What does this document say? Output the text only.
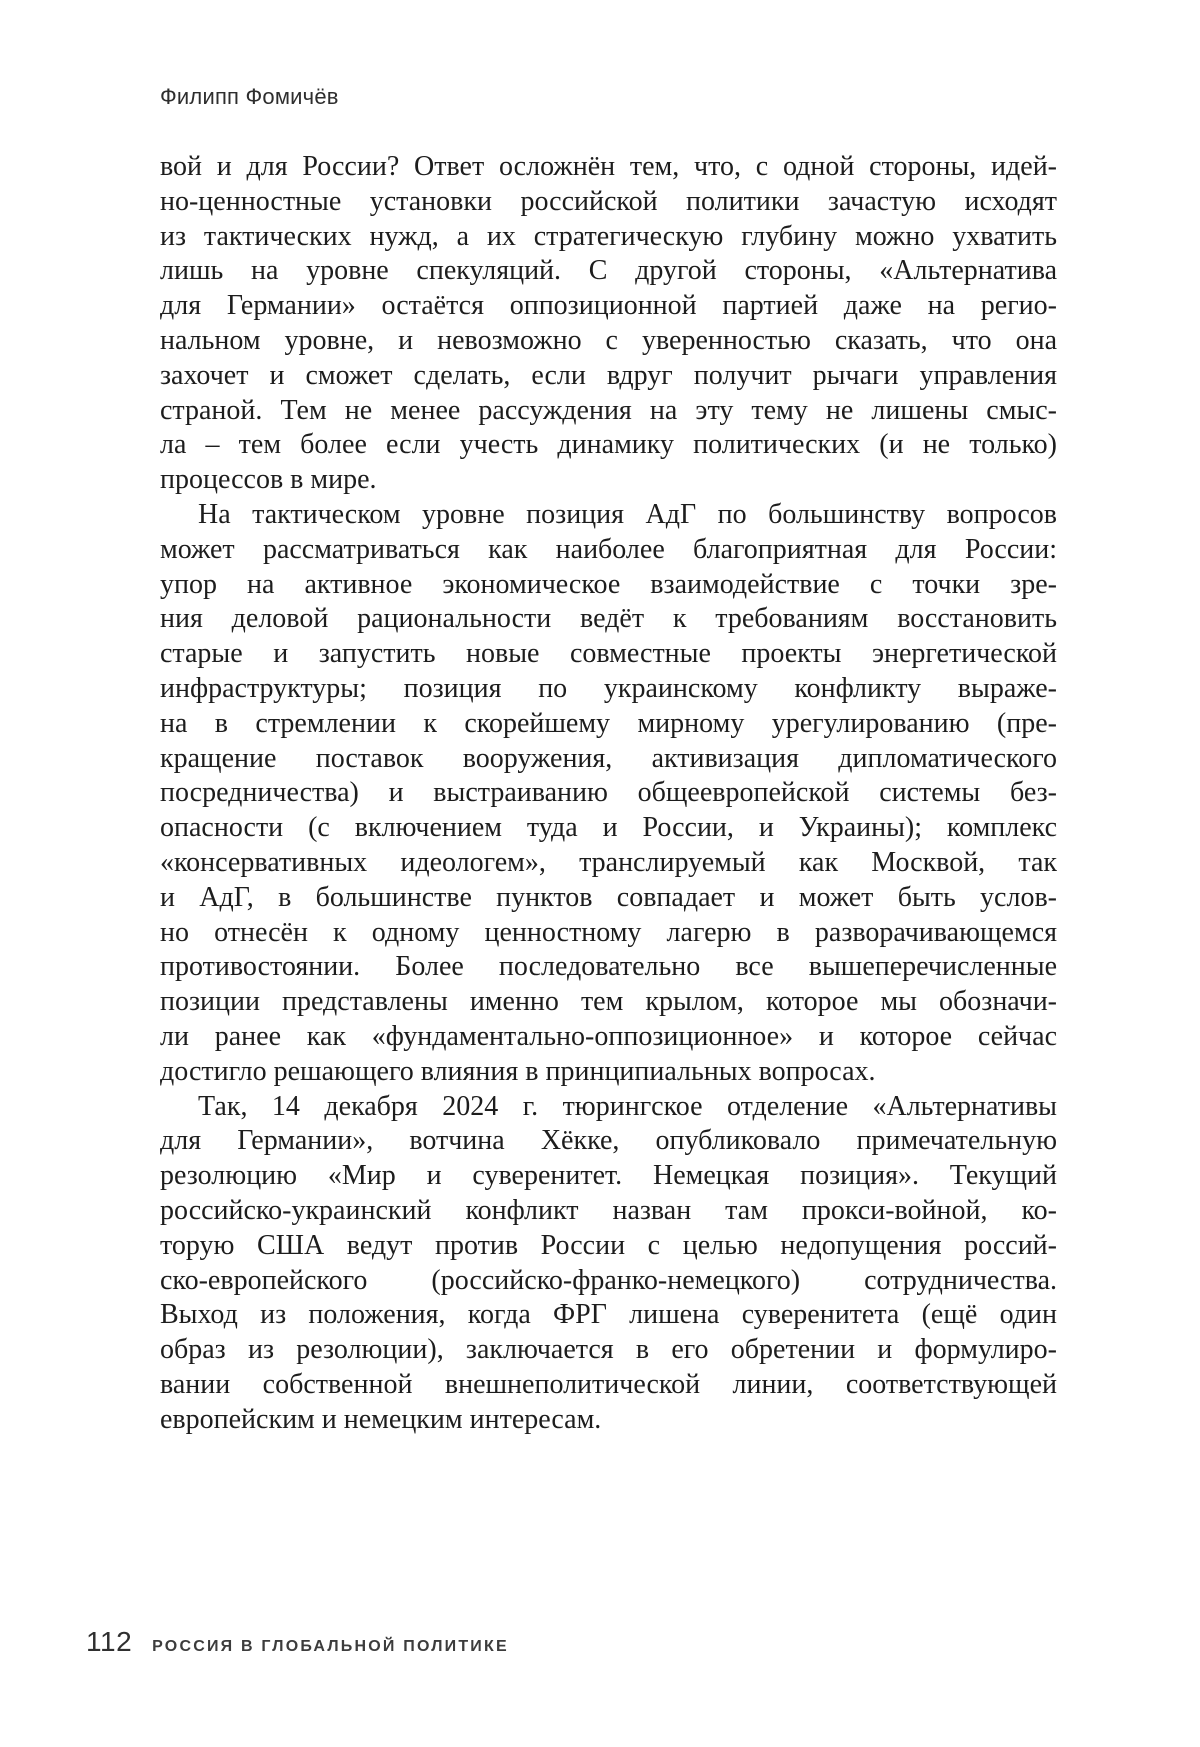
Филипп Фомичёв
вой и для России? Ответ осложнён тем, что, с одной стороны, идей-
но-ценностные установки российской политики зачастую исходят
из тактических нужд, а их стратегическую глубину можно ухватить
лишь на уровне спекуляций. С другой стороны, «Альтернатива
для Германии» остаётся оппозиционной партией даже на регио-
нальном уровне, и невозможно с уверенностью сказать, что она
захочет и сможет сделать, если вдруг получит рычаги управления
страной. Тем не менее рассуждения на эту тему не лишены смыс-
ла – тем более если учесть динамику политических (и не только)
процессов в мире.
На тактическом уровне позиция АдГ по большинству вопросов
может рассматриваться как наиболее благоприятная для России:
упор на активное экономическое взаимодействие с точки зре-
ния деловой рациональности ведёт к требованиям восстановить
старые и запустить новые совместные проекты энергетической
инфраструктуры; позиция по украинскому конфликту выраже-
на в стремлении к скорейшему мирному урегулированию (пре-
кращение поставок вооружения, активизация дипломатического
посредничества) и выстраиванию общеевропейской системы без-
опасности (с включением туда и России, и Украины); комплекс
«консервативных идеологем», транслируемый как Москвой, так
и АдГ, в большинстве пунктов совпадает и может быть услов-
но отнесён к одному ценностному лагерю в разворачивающемся
противостоянии. Более последовательно все вышеперечисленные
позиции представлены именно тем крылом, которое мы обозначи-
ли ранее как «фундаментально-оппозиционное» и которое сейчас
достигло решающего влияния в принципиальных вопросах.
Так, 14 декабря 2024 г. тюрингское отделение «Альтернативы
для Германии», вотчина Хёкке, опубликовало примечательную
резолюцию «Мир и суверенитет. Немецкая позиция». Текущий
российско-украинский конфликт назван там прокси-войной, ко-
торую США ведут против России с целью недопущения россий-
ско-европейского (российско-франко-немецкого) сотрудничества.
Выход из положения, когда ФРГ лишена суверенитета (ещё один
образ из резолюции), заключается в его обретении и формулиро-
вании собственной внешнеполитической линии, соответствующей
европейским и немецким интересам.
112 РОССИЯ В ГЛОБАЛЬНОЙ ПОЛИТИКЕ
